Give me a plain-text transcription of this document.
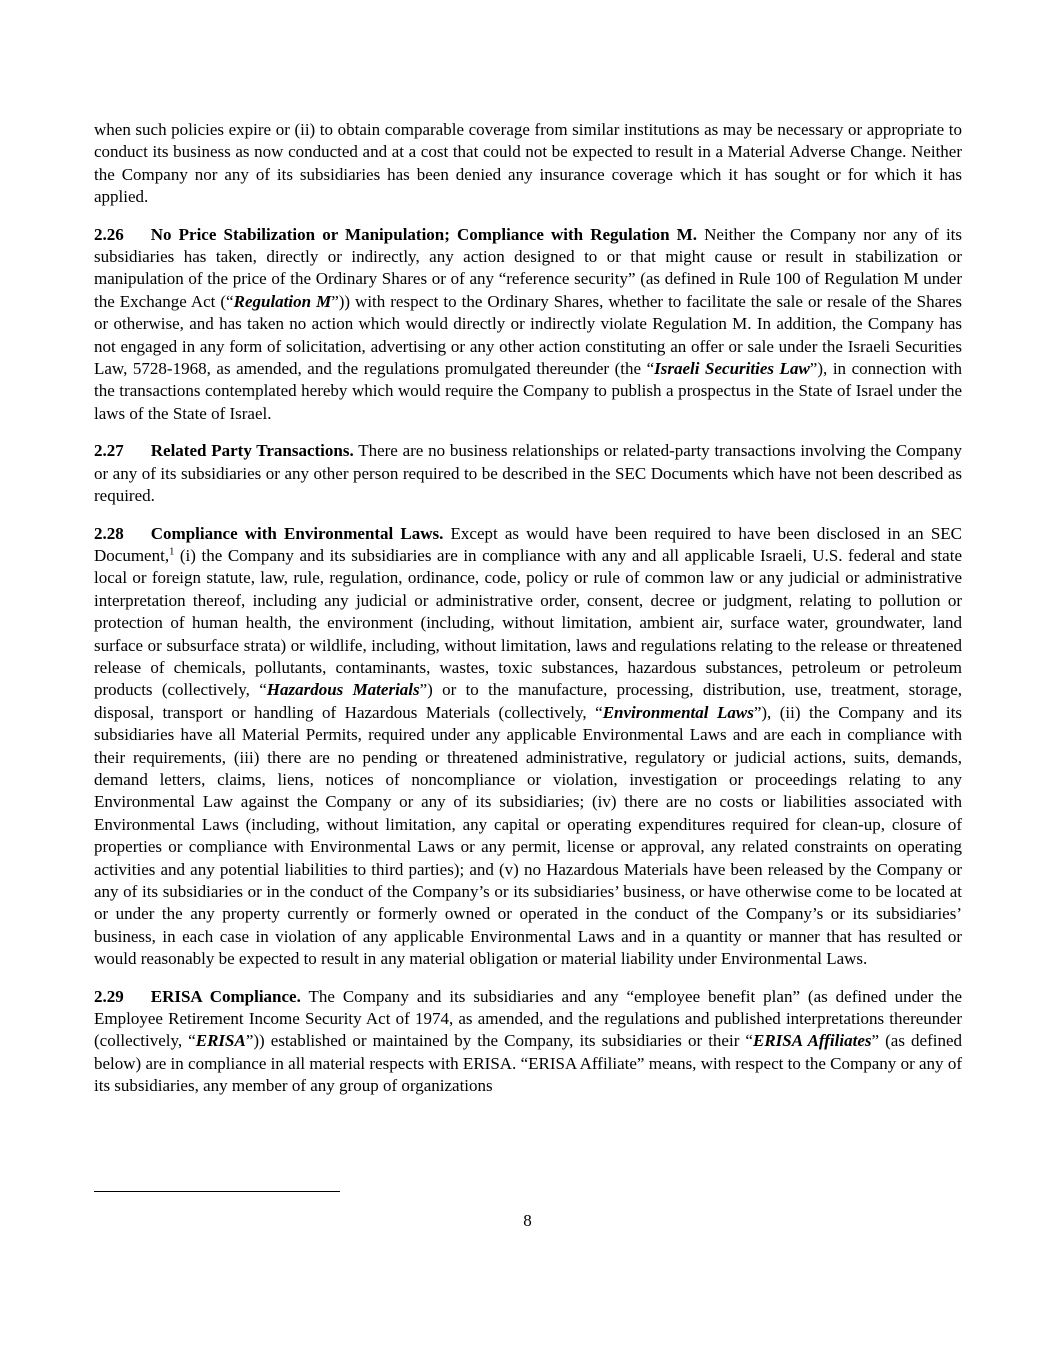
when such policies expire or (ii) to obtain comparable coverage from similar institutions as may be necessary or appropriate to conduct its business as now conducted and at a cost that could not be expected to result in a Material Adverse Change. Neither the Company nor any of its subsidiaries has been denied any insurance coverage which it has sought or for which it has applied.

2.26 No Price Stabilization or Manipulation; Compliance with Regulation M. Neither the Company nor any of its subsidiaries has taken, directly or indirectly, any action designed to or that might cause or result in stabilization or manipulation of the price of the Ordinary Shares or of any “reference security” (as defined in Rule 100 of Regulation M under the Exchange Act (“Regulation M”)) with respect to the Ordinary Shares, whether to facilitate the sale or resale of the Shares or otherwise, and has taken no action which would directly or indirectly violate Regulation M. In addition, the Company has not engaged in any form of solicitation, advertising or any other action constituting an offer or sale under the Israeli Securities Law, 5728-1968, as amended, and the regulations promulgated thereunder (the “Israeli Securities Law”), in connection with the transactions contemplated hereby which would require the Company to publish a prospectus in the State of Israel under the laws of the State of Israel.

2.27 Related Party Transactions. There are no business relationships or related-party transactions involving the Company or any of its subsidiaries or any other person required to be described in the SEC Documents which have not been described as required.

2.28 Compliance with Environmental Laws. Except as would have been required to have been disclosed in an SEC Document,$^1$ (i) the Company and its subsidiaries are in compliance with any and all applicable Israeli, U.S. federal and state local or foreign statute, law, rule, regulation, ordinance, code, policy or rule of common law or any judicial or administrative interpretation thereof, including any judicial or administrative order, consent, decree or judgment, relating to pollution or protection of human health, the environment (including, without limitation, ambient air, surface water, groundwater, land surface or subsurface strata) or wildlife, including, without limitation, laws and regulations relating to the release or threatened release of chemicals, pollutants, contaminants, wastes, toxic substances, hazardous substances, petroleum or petroleum products (collectively, “Hazardous Materials”) or to the manufacture, processing, distribution, use, treatment, storage, disposal, transport or handling of Hazardous Materials (collectively, “Environmental Laws”), (ii) the Company and its subsidiaries have all Material Permits, required under any applicable Environmental Laws and are each in compliance with their requirements, (iii) there are no pending or threatened administrative, regulatory or judicial actions, suits, demands, demand letters, claims, liens, notices of noncompliance or violation, investigation or proceedings relating to any Environmental Law against the Company or any of its subsidiaries; (iv) there are no costs or liabilities associated with Environmental Laws (including, without limitation, any capital or operating expenditures required for clean-up, closure of properties or compliance with Environmental Laws or any permit, license or approval, any related constraints on operating activities and any potential liabilities to third parties); and (v) no Hazardous Materials have been released by the Company or any of its subsidiaries or in the conduct of the Company’s or its subsidiaries’ business, or have otherwise come to be located at or under the any property currently or formerly owned or operated in the conduct of the Company’s or its subsidiaries’ business, in each case in violation of any applicable Environmental Laws and in a quantity or manner that has resulted or would reasonably be expected to result in any material obligation or material liability under Environmental Laws.

2.29 ERISA Compliance. The Company and its subsidiaries and any “employee benefit plan” (as defined under the Employee Retirement Income Security Act of 1974, as amended, and the regulations and published interpretations thereunder (collectively, “ERISA”)) established or maintained by the Company, its subsidiaries or their “ERISA Affiliates” (as defined below) are in compliance in all material respects with ERISA. “ERISA Affiliate” means, with respect to the Company or any of its subsidiaries, any member of any group of organizations

8
